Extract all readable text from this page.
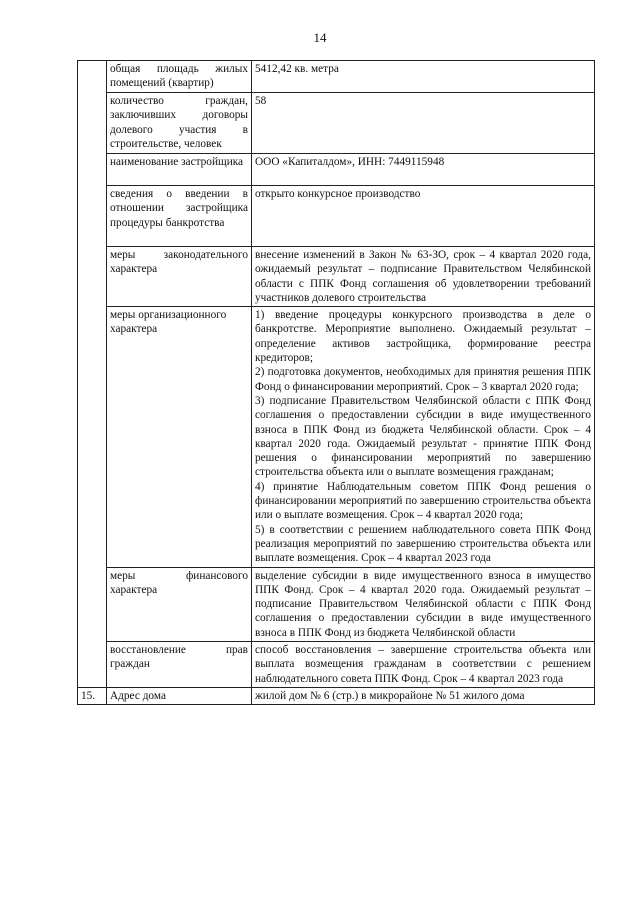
14
	общая площадь жилых помещений (квартир)	5412,42 кв. метра

	количество граждан, заключивших договоры долевого участия в строительстве, человек	58

	наименование застройщика	ООО «Капиталдом», ИНН: 7449115948

	сведения о введении в отношении застройщика процедуры банкротства	открыто конкурсное производство

	меры законодательного характера	внесение изменений в Закон № 63-ЗО, срок – 4 квартал 2020 года, ожидаемый результат – подписание Правительством Челябинской области с ППК Фонд соглашения об удовлетворении требований участников долевого строительства

	меры организационного характера	1) введение процедуры конкурсного производства в деле о банкротстве. Мероприятие выполнено. Ожидаемый результат – определение активов застройщика, формирование реестра кредиторов;

2) подготовка документов, необходимых для принятия решения ППК Фонд о финансировании мероприятий. Срок – 3 квартал 2020 года;

3) подписание Правительством Челябинской области с ППК Фонд соглашения о предоставлении субсидии в виде имущественного взноса в ППК Фонд из бюджета Челябинской области. Срок – 4 квартал 2020 года. Ожидаемый результат - принятие ППК Фонд решения о финансировании мероприятий по завершению строительства объекта или о выплате возмещения гражданам;

4) принятие Наблюдательным советом ППК Фонд решения о финансировании мероприятий по завершению строительства объекта или о выплате возмещения. Срок – 4 квартал 2020 года;

5) в соответствии с решением наблюдательного совета ППК Фонд реализация мероприятий по завершению строительства объекта или выплате возмещения. Срок – 4 квартал 2023 года

	меры финансового характера	выделение субсидии в виде имущественного взноса в имущество ППК Фонд. Срок – 4 квартал 2020 года. Ожидаемый результат – подписание Правительством Челябинской области с ППК Фонд соглашения о предоставлении субсидии в виде имущественного взноса в ППК Фонд из бюджета Челябинской области

	восстановление прав граждан	способ восстановления – завершение строительства объекта или выплата возмещения гражданам в соответствии с решением наблюдательного совета ППК Фонд. Срок – 4 квартал 2023 года

15.	Адрес дома	жилой дом № 6 (стр.) в микрорайоне № 51 жилого дома
